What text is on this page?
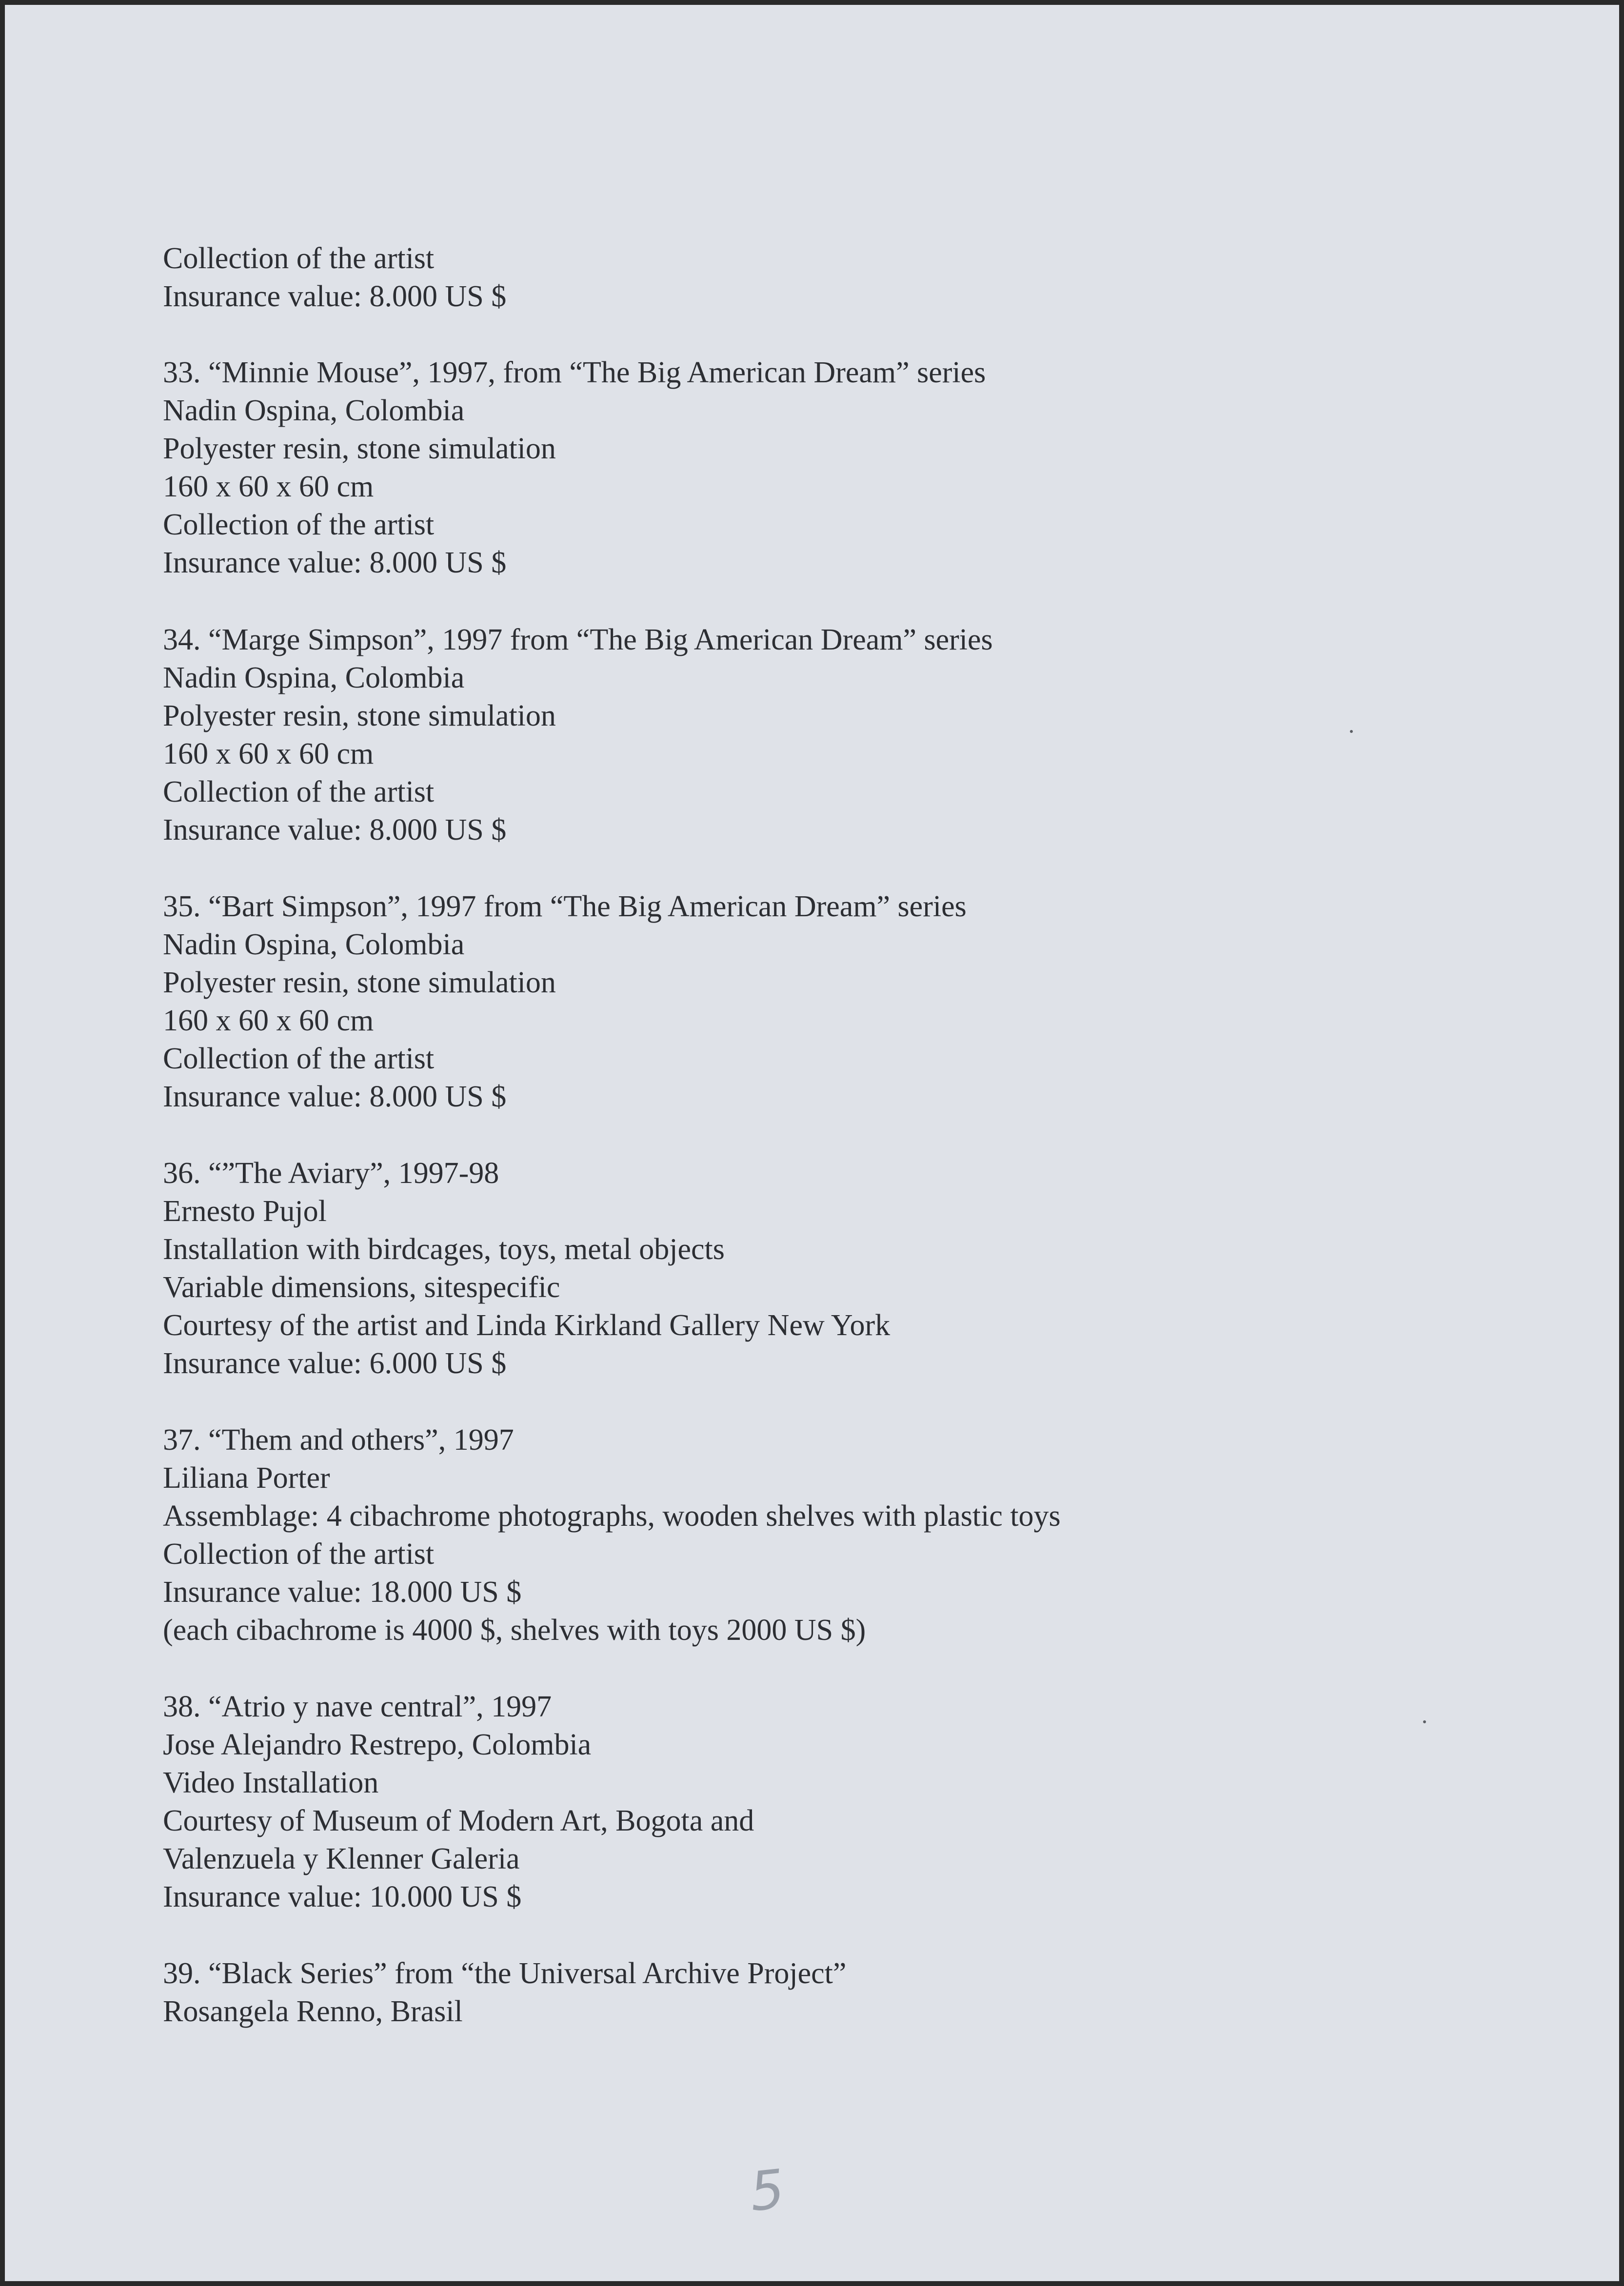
Collection of the artist

Insurance value: 8.000 US $

33. “Minnie Mouse”, 1997, from “The Big American Dream” series

Nadin Ospina, Colombia

Polyester resin, stone simulation

160 x 60 x 60 cm

Collection of the artist

Insurance value: 8.000 US $

34. “Marge Simpson”, 1997 from “The Big American Dream” series

Nadin Ospina, Colombia

Polyester resin, stone simulation

160 x 60 x 60 cm

Collection of the artist

Insurance value: 8.000 US $

35. “Bart Simpson”, 1997 from “The Big American Dream” series

Nadin Ospina, Colombia

Polyester resin, stone simulation

160 x 60 x 60 cm

Collection of the artist

Insurance value: 8.000 US $

36. “”The Aviary”, 1997-98

Ernesto Pujol

Installation with birdcages, toys, metal objects

Variable dimensions, sitespecific

Courtesy of the artist and Linda Kirkland Gallery New York

Insurance value: 6.000 US $

37. “Them and others”, 1997

Liliana Porter

Assemblage: 4 cibachrome photographs, wooden shelves with plastic toys

Collection of the artist

Insurance value: 18.000 US $

(each cibachrome is 4000 $, shelves with toys 2000 US $)

38. “Atrio y nave central”, 1997

Jose Alejandro Restrepo, Colombia

Video Installation

Courtesy of Museum of Modern Art, Bogota and

Valenzuela y Klenner Galeria

Insurance value: 10.000 US $

39. “Black Series” from “the Universal Archive Project”

Rosangela Renno, Brasil

5
